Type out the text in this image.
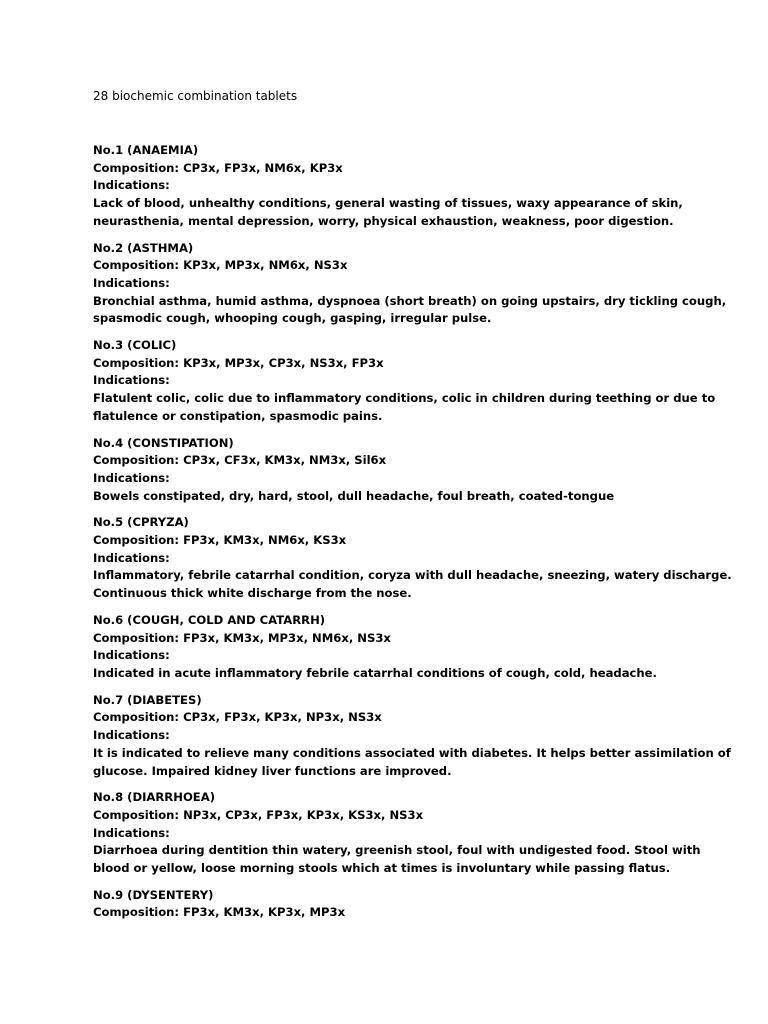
28 biochemic combination tablets
No.1 (ANAEMIA)
Composition: CP3x, FP3x, NM6x, KP3x
Indications:
Lack of blood, unhealthy conditions, general wasting of tissues, waxy appearance of skin, neurasthenia, mental depression, worry, physical exhaustion, weakness, poor digestion.
No.2 (ASTHMA)
Composition: KP3x, MP3x, NM6x, NS3x
Indications:
Bronchial asthma, humid asthma, dyspnoea (short breath) on going upstairs, dry tickling cough, spasmodic cough, whooping cough, gasping, irregular pulse.
No.3 (COLIC)
Composition: KP3x, MP3x, CP3x, NS3x, FP3x
Indications:
Flatulent colic, colic due to inflammatory conditions, colic in children during teething or due to flatulence or constipation, spasmodic pains.
No.4 (CONSTIPATION)
Composition: CP3x, CF3x, KM3x, NM3x, Sil6x
Indications:
Bowels constipated, dry, hard, stool, dull headache, foul breath, coated-tongue
No.5 (CPRYZA)
Composition: FP3x, KM3x, NM6x, KS3x
Indications:
Inflammatory, febrile catarrhal condition, coryza with dull headache, sneezing, watery discharge. Continuous thick white discharge from the nose.
No.6 (COUGH, COLD AND CATARRH)
Composition: FP3x, KM3x, MP3x, NM6x, NS3x
Indications:
Indicated in acute inflammatory febrile catarrhal conditions of cough, cold, headache.
No.7 (DIABETES)
Composition: CP3x, FP3x, KP3x, NP3x, NS3x
Indications:
It is indicated to relieve many conditions associated with diabetes. It helps better assimilation of glucose. Impaired kidney liver functions are improved.
No.8 (DIARRHOEA)
Composition: NP3x, CP3x, FP3x, KP3x, KS3x, NS3x
Indications:
Diarrhoea during dentition thin watery, greenish stool, foul with undigested food. Stool with blood or yellow, loose morning stools which at times is involuntary while passing flatus.
No.9 (DYSENTERY)
Composition: FP3x, KM3x, KP3x, MP3x
